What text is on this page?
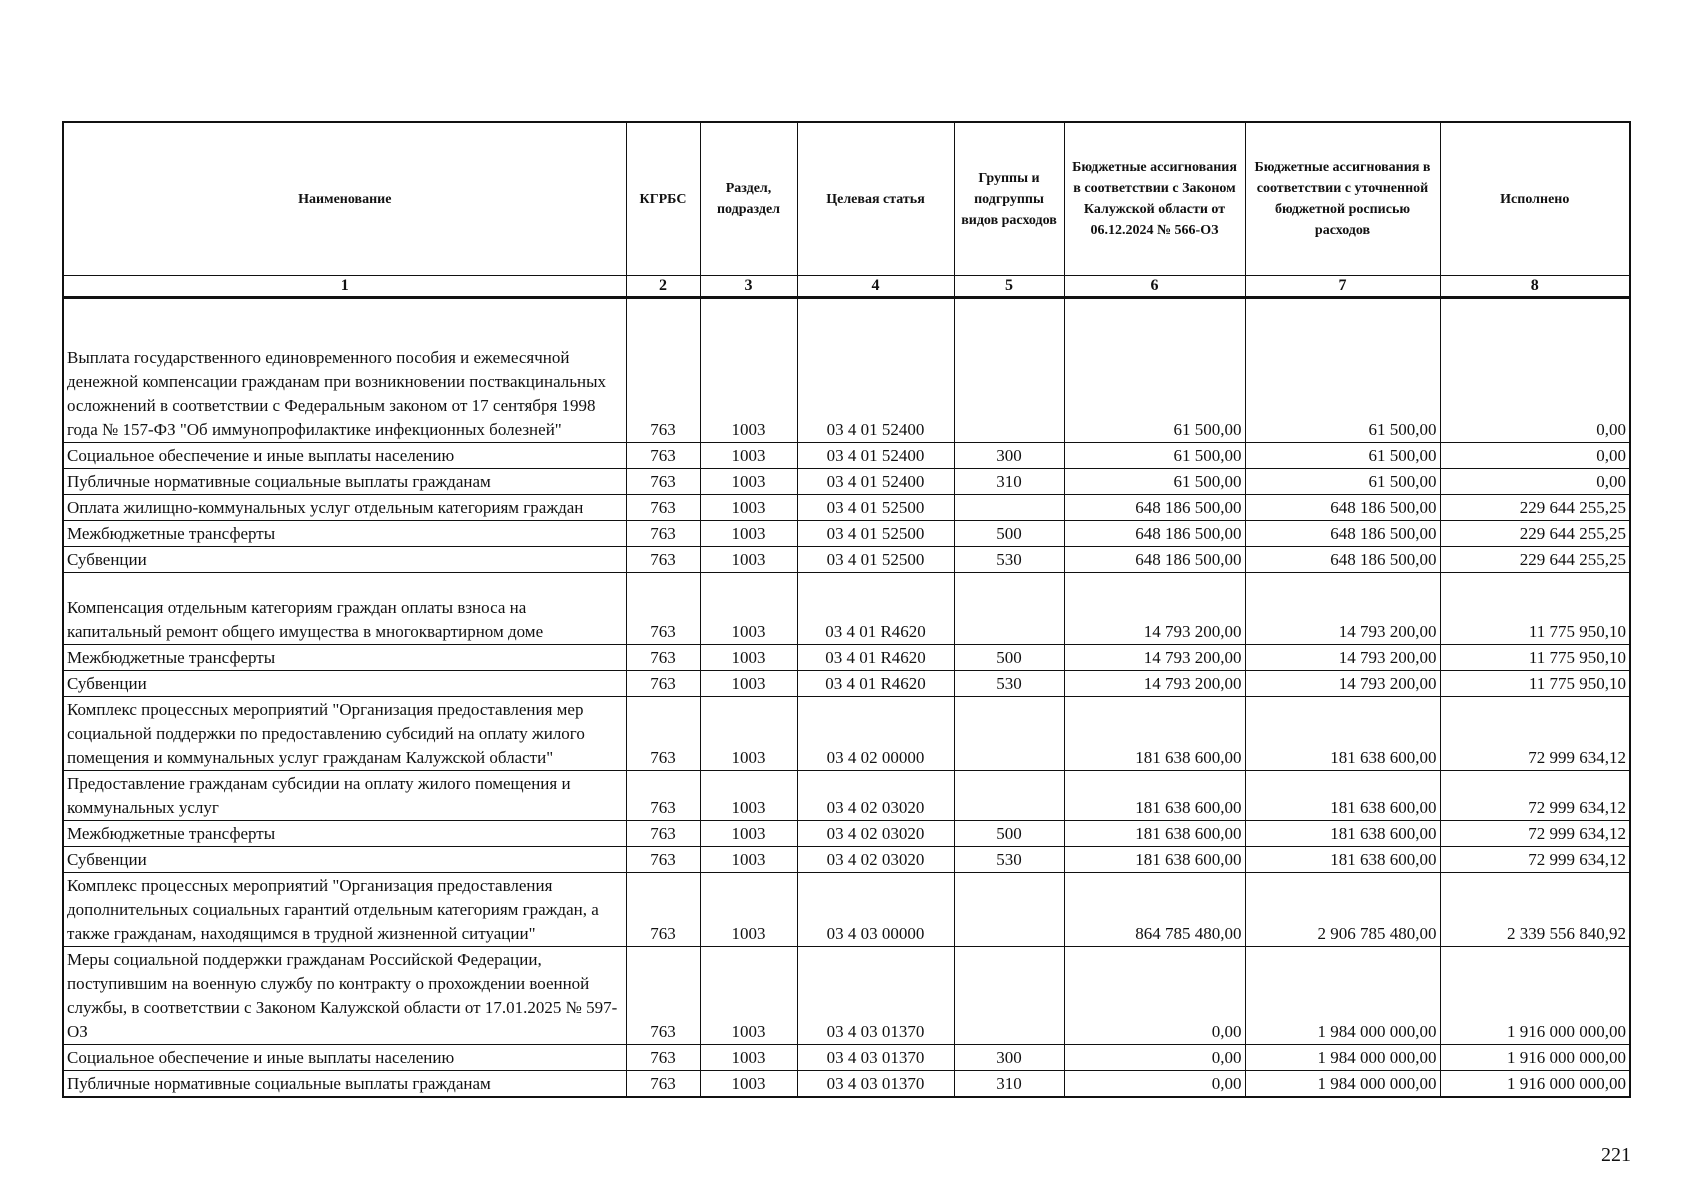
Наименование	КГРБС	Раздел, подраздел	Целевая статья	Группы и подгруппы видов расходов	Бюджетные ассигнования в соответствии с Законом Калужской области от 06.12.2024 № 566-ОЗ	Бюджетные ассигнования в соответствии с уточненной бюджетной росписью расходов	Исполнено
1	2	3	4	5	6	7	8
Выплата государственного единовременного пособия и ежемесячной денежной компенсации гражданам при возникновении поствакцинальных осложнений в соответствии с Федеральным законом от 17 сентября 1998 года № 157-ФЗ "Об иммунопрофилактике инфекционных болезней"	763	1003	03 4 01 52400		61 500,00	61 500,00	0,00
Социальное обеспечение и иные выплаты населению	763	1003	03 4 01 52400	300	61 500,00	61 500,00	0,00
Публичные нормативные социальные выплаты гражданам	763	1003	03 4 01 52400	310	61 500,00	61 500,00	0,00
Оплата жилищно-коммунальных услуг отдельным категориям граждан	763	1003	03 4 01 52500		648 186 500,00	648 186 500,00	229 644 255,25
Межбюджетные трансферты	763	1003	03 4 01 52500	500	648 186 500,00	648 186 500,00	229 644 255,25
Субвенции	763	1003	03 4 01 52500	530	648 186 500,00	648 186 500,00	229 644 255,25
Компенсация отдельным категориям граждан оплаты взноса на капитальный ремонт общего имущества в многоквартирном доме	763	1003	03 4 01 R4620		14 793 200,00	14 793 200,00	11 775 950,10
Межбюджетные трансферты	763	1003	03 4 01 R4620	500	14 793 200,00	14 793 200,00	11 775 950,10
Субвенции	763	1003	03 4 01 R4620	530	14 793 200,00	14 793 200,00	11 775 950,10
Комплекс процессных мероприятий "Организация предоставления мер социальной поддержки по предоставлению субсидий на оплату жилого помещения и коммунальных услуг гражданам Калужской области"	763	1003	03 4 02 00000		181 638 600,00	181 638 600,00	72 999 634,12
Предоставление гражданам субсидии на оплату жилого помещения и коммунальных услуг	763	1003	03 4 02 03020		181 638 600,00	181 638 600,00	72 999 634,12
Межбюджетные трансферты	763	1003	03 4 02 03020	500	181 638 600,00	181 638 600,00	72 999 634,12
Субвенции	763	1003	03 4 02 03020	530	181 638 600,00	181 638 600,00	72 999 634,12
Комплекс процессных мероприятий "Организация предоставления дополнительных социальных гарантий отдельным категориям граждан, а также гражданам, находящимся в трудной жизненной ситуации"	763	1003	03 4 03 00000		864 785 480,00	2 906 785 480,00	2 339 556 840,92
Меры социальной поддержки гражданам Российской Федерации, поступившим на военную службу по контракту о прохождении военной службы, в соответствии с Законом Калужской области от 17.01.2025 № 597-ОЗ	763	1003	03 4 03 01370		0,00	1 984 000 000,00	1 916 000 000,00
Социальное обеспечение и иные выплаты населению	763	1003	03 4 03 01370	300	0,00	1 984 000 000,00	1 916 000 000,00
Публичные нормативные социальные выплаты гражданам	763	1003	03 4 03 01370	310	0,00	1 984 000 000,00	1 916 000 000,00
221
